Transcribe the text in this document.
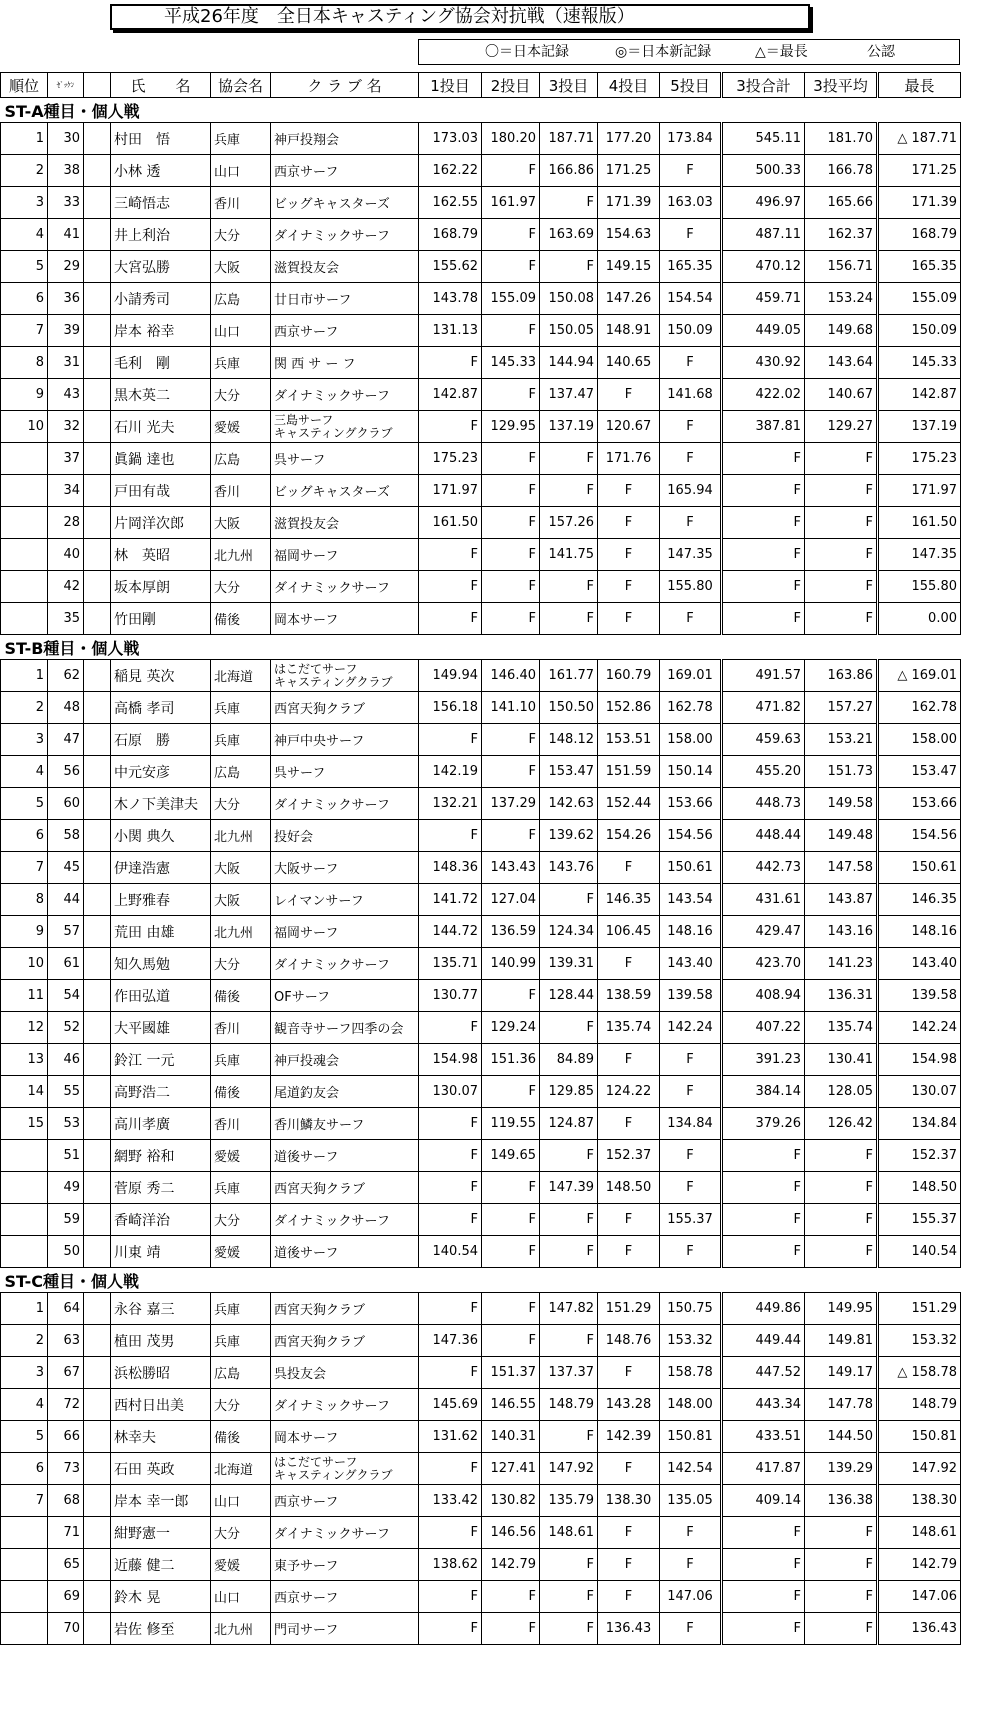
平成26年度　全日本キャスティング協会対抗戦（速報版）
〇＝日本記録	◎＝日本新記録	△＝最長	公認
順位	ｾﾞｯｹﾝ		氏　　名	協会名	ク ラ ブ 名	1投目	2投目	3投目	4投目	5投目	3投合計	3投平均	最長
ST-A種目・個人戦													
1	30		村田　悟	兵庫	神戸投翔会	173.03	180.20	187.71	177.20	173.84	545.11	181.70	△ 187.71
2	38		小林 透	山口	西京サーフ	162.22	F	166.86	171.25	F	500.33	166.78	171.25
3	33		三崎悟志	香川	ビッグキャスターズ	162.55	161.97	F	171.39	163.03	496.97	165.66	171.39
4	41		井上利治	大分	ダイナミックサーフ	168.79	F	163.69	154.63	F	487.11	162.37	168.79
5	29		大宮弘勝	大阪	滋賀投友会	155.62	F	F	149.15	165.35	470.12	156.71	165.35
6	36		小請秀司	広島	廿日市サーフ	143.78	155.09	150.08	147.26	154.54	459.71	153.24	155.09
7	39		岸本 裕幸	山口	西京サーフ	131.13	F	150.05	148.91	150.09	449.05	149.68	150.09
8	31		毛利　剛	兵庫	関 西 サ ー フ	F	145.33	144.94	140.65	F	430.92	143.64	145.33
9	43		黒木英二	大分	ダイナミックサーフ	142.87	F	137.47	F	141.68	422.02	140.67	142.87
10	32		石川 光夫	愛媛	三島サーフ
キャスティングクラブ	F	129.95	137.19	120.67	F	387.81	129.27	137.19
	37		眞鍋 達也	広島	呉サーフ	175.23	F	F	171.76	F	F	F	175.23
	34		戸田有哉	香川	ビッグキャスターズ	171.97	F	F	F	165.94	F	F	171.97
	28		片岡洋次郎	大阪	滋賀投友会	161.50	F	157.26	F	F	F	F	161.50
	40		林　英昭	北九州	福岡サーフ	F	F	141.75	F	147.35	F	F	147.35
	42		坂本厚朗	大分	ダイナミックサーフ	F	F	F	F	155.80	F	F	155.80
	35		竹田剛	備後	岡本サーフ	F	F	F	F	F	F	F	0.00
ST-B種目・個人戦													
1	62		稲見 英次	北海道	はこだてサーフ
キャスティングクラブ	149.94	146.40	161.77	160.79	169.01	491.57	163.86	△ 169.01
2	48		高橋 孝司	兵庫	西宮天狗クラブ	156.18	141.10	150.50	152.86	162.78	471.82	157.27	162.78
3	47		石原　勝	兵庫	神戸中央サーフ	F	F	148.12	153.51	158.00	459.63	153.21	158.00
4	56		中元安彦	広島	呉サーフ	142.19	F	153.47	151.59	150.14	455.20	151.73	153.47
5	60		木ノ下美津夫	大分	ダイナミックサーフ	132.21	137.29	142.63	152.44	153.66	448.73	149.58	153.66
6	58		小関 典久	北九州	投好会	F	F	139.62	154.26	154.56	448.44	149.48	154.56
7	45		伊達浩憲	大阪	大阪サーフ	148.36	143.43	143.76	F	150.61	442.73	147.58	150.61
8	44		上野雅春	大阪	レイマンサーフ	141.72	127.04	F	146.35	143.54	431.61	143.87	146.35
9	57		荒田 由雄	北九州	福岡サーフ	144.72	136.59	124.34	106.45	148.16	429.47	143.16	148.16
10	61		知久馬勉	大分	ダイナミックサーフ	135.71	140.99	139.31	F	143.40	423.70	141.23	143.40
11	54		作田弘道	備後	OFサーフ	130.77	F	128.44	138.59	139.58	408.94	136.31	139.58
12	52		大平國雄	香川	観音寺サーフ四季の会	F	129.24	F	135.74	142.24	407.22	135.74	142.24
13	46		鈴江 一元	兵庫	神戸投魂会	154.98	151.36	84.89	F	F	391.23	130.41	154.98
14	55		高野浩二	備後	尾道釣友会	130.07	F	129.85	124.22	F	384.14	128.05	130.07
15	53		高川孝廣	香川	香川鱗友サーフ	F	119.55	124.87	F	134.84	379.26	126.42	134.84
	51		網野 裕和	愛媛	道後サーフ	F	149.65	F	152.37	F	F	F	152.37
	49		菅原 秀二	兵庫	西宮天狗クラブ	F	F	147.39	148.50	F	F	F	148.50
	59		香崎洋治	大分	ダイナミックサーフ	F	F	F	F	155.37	F	F	155.37
	50		川東 靖	愛媛	道後サーフ	140.54	F	F	F	F	F	F	140.54
ST-C種目・個人戦													
1	64		永谷 嘉三	兵庫	西宮天狗クラブ	F	F	147.82	151.29	150.75	449.86	149.95	151.29
2	63		植田 茂男	兵庫	西宮天狗クラブ	147.36	F	F	148.76	153.32	449.44	149.81	153.32
3	67		浜松勝昭	広島	呉投友会	F	151.37	137.37	F	158.78	447.52	149.17	△ 158.78
4	72		西村日出美	大分	ダイナミックサーフ	145.69	146.55	148.79	143.28	148.00	443.34	147.78	148.79
5	66		林幸夫	備後	岡本サーフ	131.62	140.31	F	142.39	150.81	433.51	144.50	150.81
6	73		石田 英政	北海道	はこだてサーフ
キャスティングクラブ	F	127.41	147.92	F	142.54	417.87	139.29	147.92
7	68		岸本 幸一郎	山口	西京サーフ	133.42	130.82	135.79	138.30	135.05	409.14	136.38	138.30
	71		紺野憲一	大分	ダイナミックサーフ	F	146.56	148.61	F	F	F	F	148.61
	65		近藤 健二	愛媛	東予サーフ	138.62	142.79	F	F	F	F	F	142.79
	69		鈴木 晃	山口	西京サーフ	F	F	F	F	147.06	F	F	147.06
	70		岩佐 修至	北九州	門司サーフ	F	F	F	136.43	F	F	F	136.43
